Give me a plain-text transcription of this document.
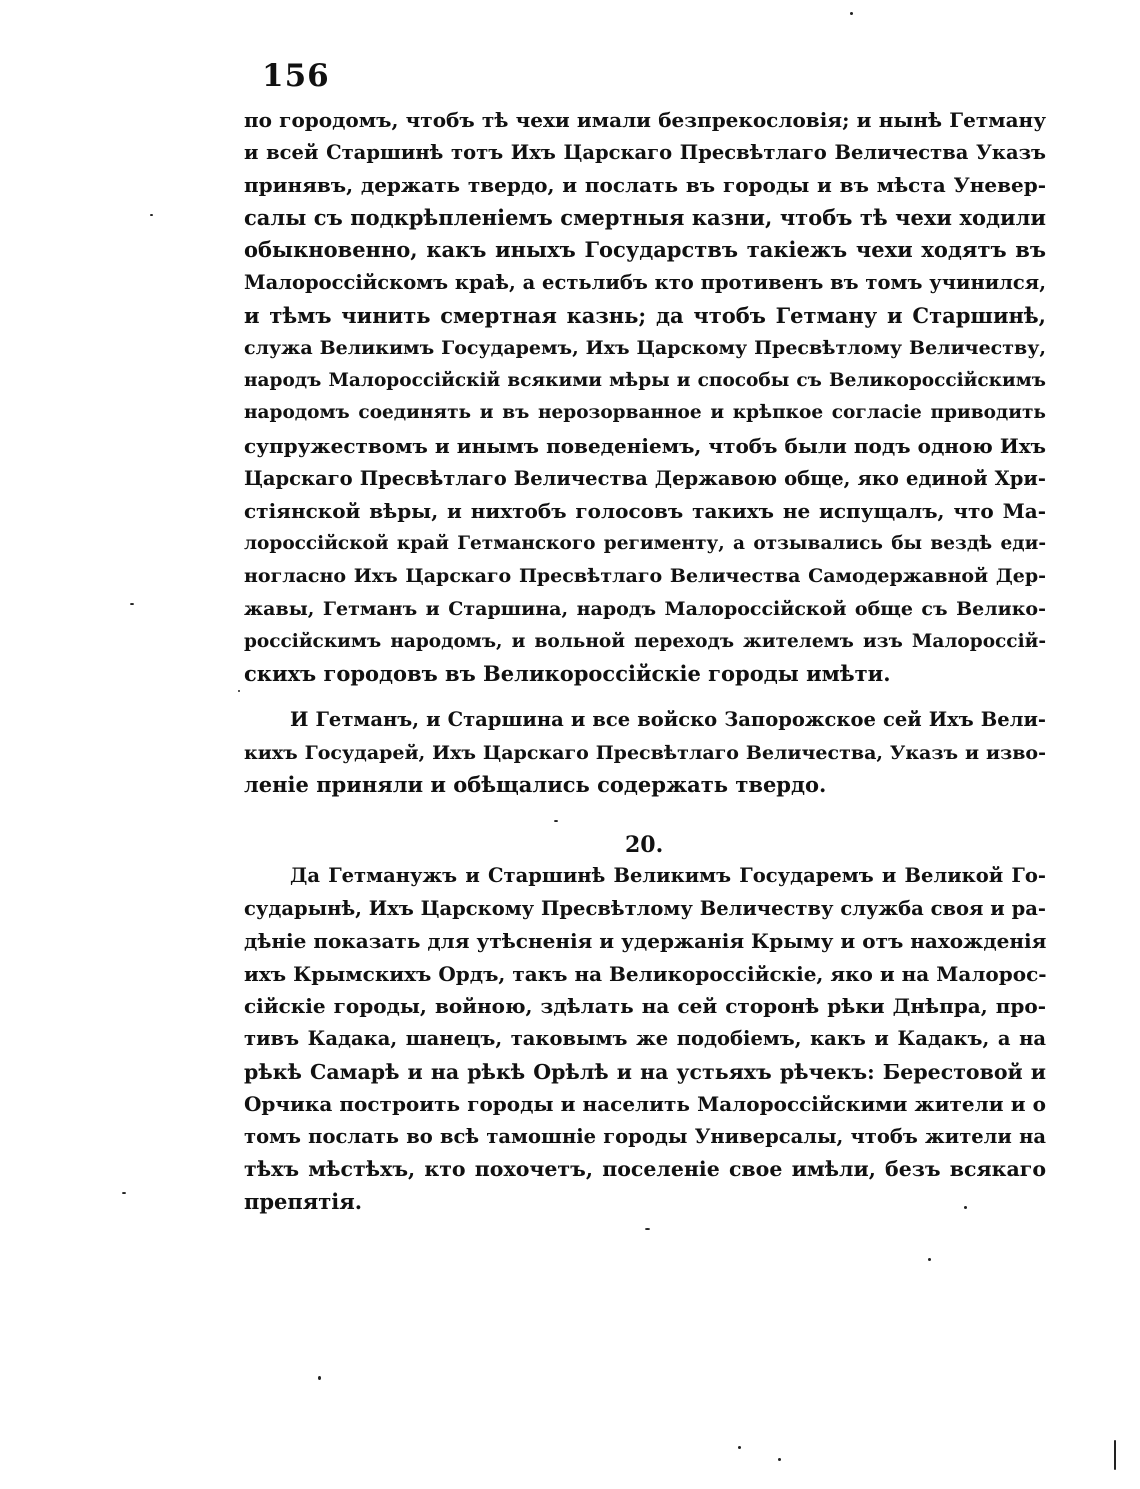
156
по городомъ, чтобъ тѣ чехи имали безпрекословія; и нынѣ Гетману
и всей Старшинѣ тотъ Ихъ Царскаго Пресвѣтлаго Величества Указъ
принявъ, держать твердо, и послать въ городы и въ мѣста Уневер-
салы съ подкрѣпленіемъ смертныя казни, чтобъ тѣ чехи ходили
обыкновенно, какъ иныхъ Государствъ такіежъ чехи ходятъ въ
Малороссійскомъ краѣ, а естьлибъ кто противенъ въ томъ учинился,
и тѣмъ чинить смертная казнь; да чтобъ Гетману и Старшинѣ,
служа Великимъ Государемъ, Ихъ Царскому Пресвѣтлому Величеству,
народъ Малороссійскій всякими мѣры и способы съ Великороссійскимъ
народомъ соединять и въ нерозорванное и крѣпкое согласіе приводить
супружествомъ и инымъ поведеніемъ, чтобъ были подъ одною Ихъ
Царскаго Пресвѣтлаго Величества Державою обще, яко единой Хри-
стіянской вѣры, и нихтобъ голосовъ такихъ не испущалъ, что Ма-
лороссійской край Гетманского регименту, а отзывались бы вездѣ еди-
ногласно Ихъ Царскаго Пресвѣтлаго Величества Самодержавной Дер-
жавы, Гетманъ и Старшина, народъ Малороссійской обще съ Велико-
россійскимъ народомъ, и вольной переходъ жителемъ изъ Малороссій-
скихъ городовъ въ Великороссійскіе городы имѣти.
И Гетманъ, и Старшина и все войско Запорожское сей Ихъ Вели-
кихъ Государей, Ихъ Царскаго Пресвѣтлаго Величества, Указъ и изво-
леніе приняли и обѣщались содержать твердо.
20.
Да Гетманужъ и Старшинѣ Великимъ Государемъ и Великой Го-
сударынѣ, Ихъ Царскому Пресвѣтлому Величеству служба своя и ра-
дѣніе показать для утѣсненія и удержанія Крыму и отъ нахожденія
ихъ Крымскихъ Ордъ, такъ на Великороссійскіе, яко и на Малорос-
сійскіе городы, войною, здѣлать на сей сторонѣ рѣки Днѣпра, про-
тивъ Кадака, шанецъ, таковымъ же подобіемъ, какъ и Кадакъ, а на
рѣкѣ Самарѣ и на рѣкѣ Орѣлѣ и на устьяхъ рѣчекъ: Берестовой и
Орчика построить городы и населить Малороссійскими жители и о
томъ послать во всѣ тамошніе городы Универсалы, чтобъ жители на
тѣхъ мѣстѣхъ, кто похочетъ, поселеніе свое имѣли, безъ всякаго
препятія.
